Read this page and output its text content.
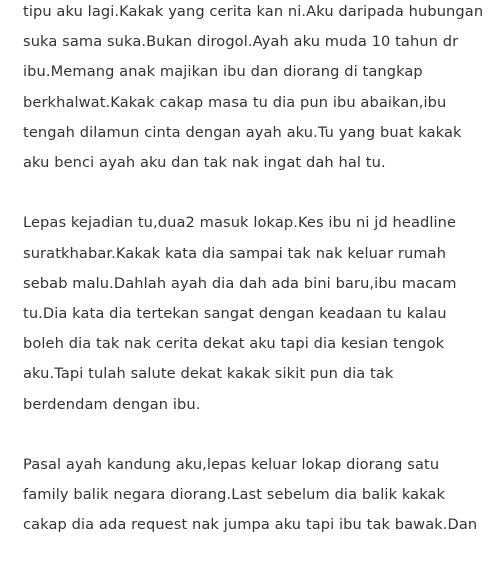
tipu aku lagi.Kakak yang cerita kan ni.Aku daripada hubungan
suka sama suka.Bukan dirogol.Ayah aku muda 10 tahun dr
ibu.Memang anak majikan ibu dan diorang di tangkap
berkhalwat.Kakak cakap masa tu dia pun ibu abaikan,ibu
tengah dilamun cinta dengan ayah aku.Tu yang buat kakak
aku benci ayah aku dan tak nak ingat dah hal tu.

Lepas kejadian tu,dua2 masuk lokap.Kes ibu ni jd headline
suratkhabar.Kakak kata dia sampai tak nak keluar rumah
sebab malu.Dahlah ayah dia dah ada bini baru,ibu macam
tu.Dia kata dia tertekan sangat dengan keadaan tu kalau
boleh dia tak nak cerita dekat aku tapi dia kesian tengok
aku.Tapi tulah salute dekat kakak sikit pun dia tak
berdendam dengan ibu.

Pasal ayah kandung aku,lepas keluar lokap diorang satu
family balik negara diorang.Last sebelum dia balik kakak
cakap dia ada request nak jumpa aku tapi ibu tak bawak.Dan
